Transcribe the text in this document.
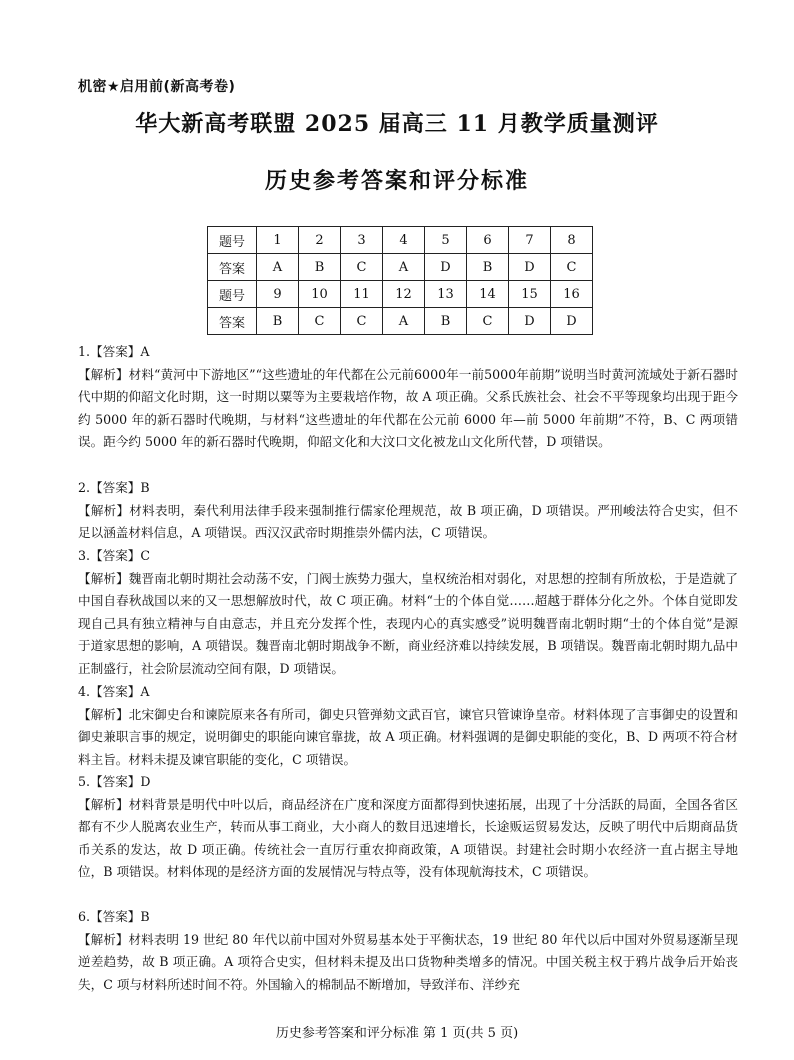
机密★启用前(新高考卷)
华大新高考联盟 2025 届高三 11 月教学质量测评
历史参考答案和评分标准
题号	1	2	3	4	5	6	7	8
答案	A	B	C	A	D	B	D	C
题号	9	10	11	12	13	14	15	16
答案	B	C	C	A	B	C	D	D

1.【答案】A

【解析】材料“黄河中下游地区”“这些遗址的年代都在公元前6000年一前5000年前期”说明当时黄河流域处于新石器时代中期的仰韶文化时期，这一时期以粟等为主要栽培作物，故 A 项正确。父系氏族社会、社会不平等现象均出现于距今约 5000 年的新石器时代晚期，与材料“这些遗址的年代都在公元前 6000 年—前 5000 年前期”不符，B、C 两项错误。距今约 5000 年的新石器时代晚期，仰韶文化和大汶口文化被龙山文化所代替，D 项错误。

2.【答案】B

【解析】材料表明，秦代利用法律手段来强制推行儒家伦理规范，故 B 项正确，D 项错误。严刑峻法符合史实，但不足以涵盖材料信息，A 项错误。西汉汉武帝时期推崇外儒内法，C 项错误。

3.【答案】C

【解析】魏晋南北朝时期社会动荡不安，门阀士族势力强大，皇权统治相对弱化，对思想的控制有所放松，于是造就了中国自春秋战国以来的又一思想解放时代，故 C 项正确。材料“士的个体自觉……超越于群体分化之外。个体自觉即发现自己具有独立精神与自由意志，并且充分发挥个性，表现内心的真实感受”说明魏晋南北朝时期“士的个体自觉”是源于道家思想的影响，A 项错误。魏晋南北朝时期战争不断，商业经济难以持续发展，B 项错误。魏晋南北朝时期九品中正制盛行，社会阶层流动空间有限，D 项错误。

4.【答案】A

【解析】北宋御史台和谏院原来各有所司，御史只管弹劾文武百官，谏官只管谏诤皇帝。材料体现了言事御史的设置和御史兼职言事的规定，说明御史的职能向谏官靠拢，故 A 项正确。材料强调的是御史职能的变化，B、D 两项不符合材料主旨。材料未提及谏官职能的变化，C 项错误。

5.【答案】D

【解析】材料背景是明代中叶以后，商品经济在广度和深度方面都得到快速拓展，出现了十分活跃的局面，全国各省区都有不少人脱离农业生产，转而从事工商业，大小商人的数目迅速增长，长途贩运贸易发达，反映了明代中后期商品货币关系的发达，故 D 项正确。传统社会一直厉行重农抑商政策，A 项错误。封建社会时期小农经济一直占据主导地位，B 项错误。材料体现的是经济方面的发展情况与特点等，没有体现航海技术，C 项错误。

6.【答案】B

【解析】材料表明 19 世纪 80 年代以前中国对外贸易基本处于平衡状态，19 世纪 80 年代以后中国对外贸易逐渐呈现逆差趋势，故 B 项正确。A 项符合史实，但材料未提及出口货物种类增多的情况。中国关税主权于鸦片战争后开始丧失，C 项与材料所述时间不符。外国输入的棉制品不断增加，导致洋布、洋纱充

历史参考答案和评分标准 第 1 页(共 5 页)
